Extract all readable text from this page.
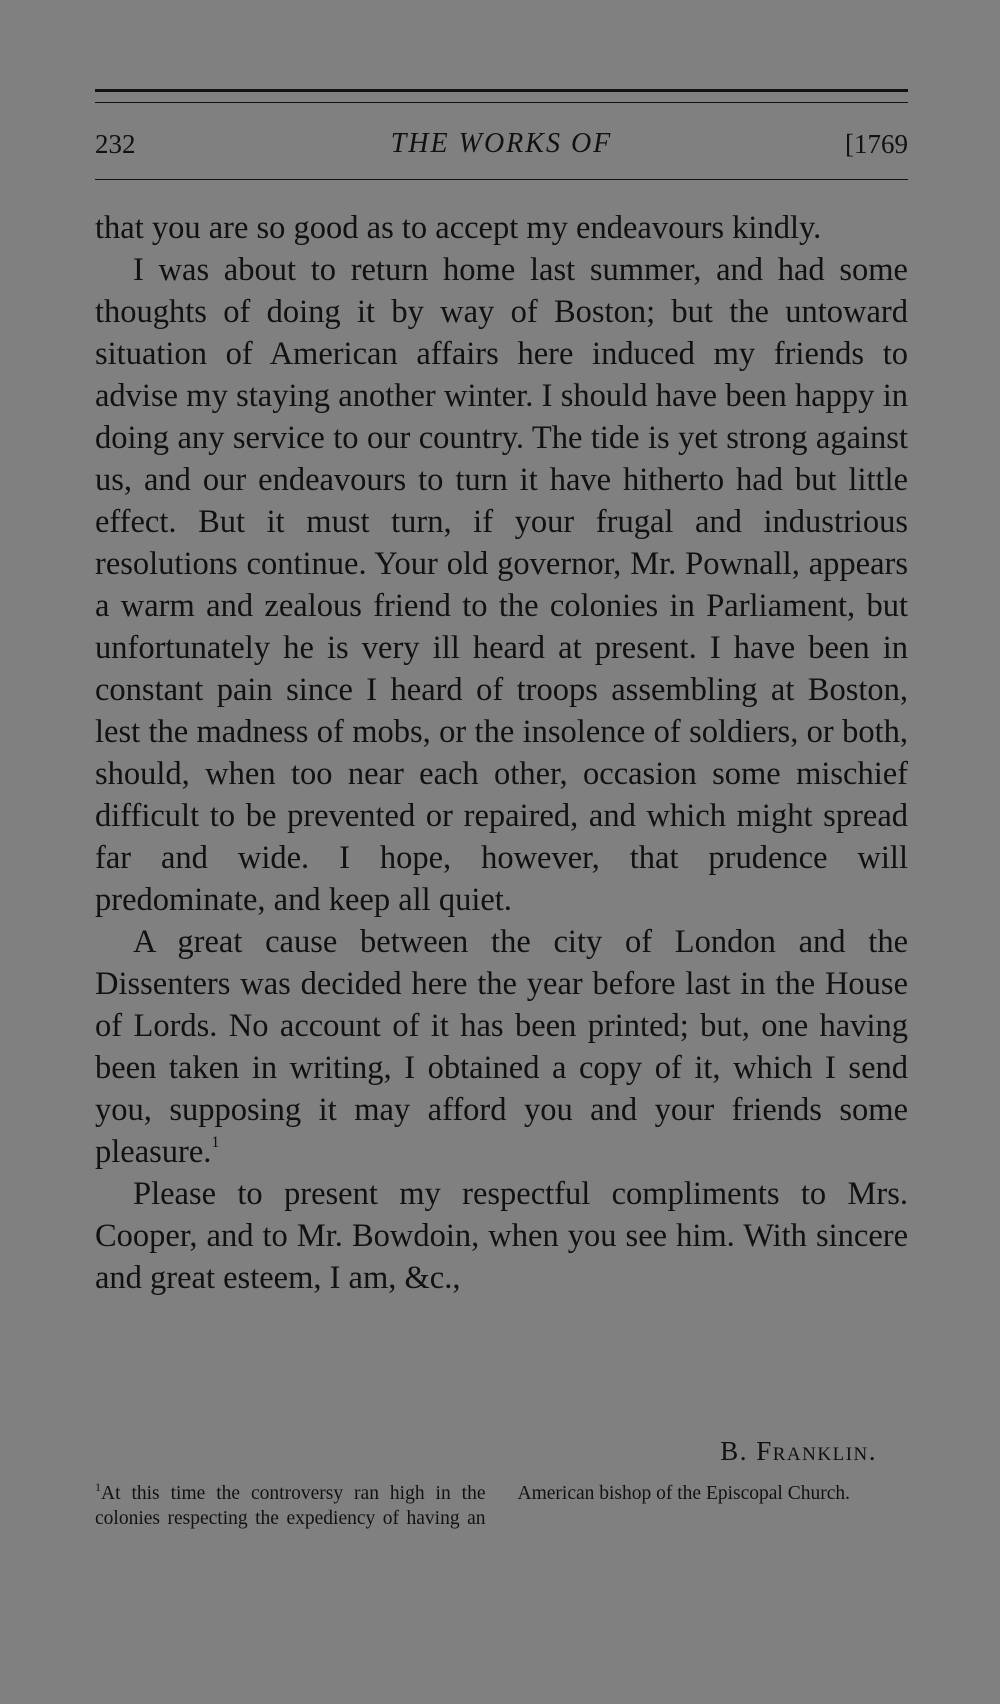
232	THE WORKS OF	[1769

that you are so good as to accept my endeavours kindly.

I was about to return home last summer, and had some thoughts of doing it by way of Boston; but the untoward situation of American affairs here induced my friends to advise my staying another winter. I should have been happy in doing any service to our country. The tide is yet strong against us, and our endeavours to turn it have hitherto had but little effect. But it must turn, if your frugal and industrious resolutions continue. Your old governor, Mr. Pownall, appears a warm and zealous friend to the colonies in Parliament, but unfortunately he is very ill heard at present. I have been in constant pain since I heard of troops assembling at Boston, lest the madness of mobs, or the insolence of soldiers, or both, should, when too near each other, occasion some mischief difficult to be prevented or repaired, and which might spread far and wide. I hope, however, that prudence will predominate, and keep all quiet.

A great cause between the city of London and the Dissenters was decided here the year before last in the House of Lords. No account of it has been printed; but, one having been taken in writing, I obtained a copy of it, which I send you, supposing it may afford you and your friends some pleasure.$^1$

Please to present my respectful compliments to Mrs. Cooper, and to Mr. Bowdoin, when you see him. With sincere and great esteem, I am, &c.,

B. Franklin.
$^1$At this time the controversy ran high in the colonies respecting the expediency of having an American bishop of the Episcopal Church.
